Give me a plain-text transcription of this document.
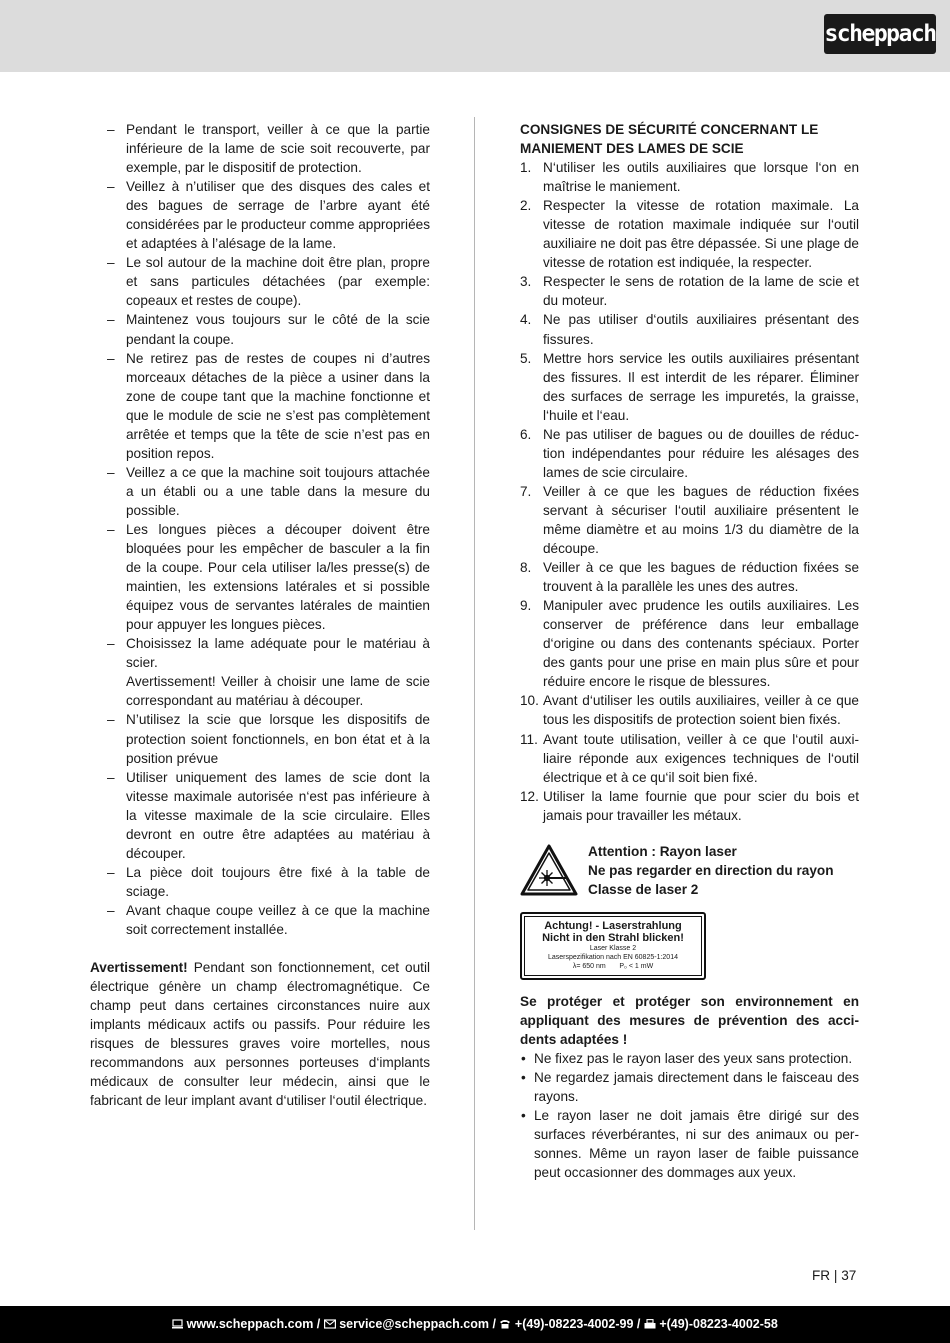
scheppach
– Pendant le transport, veiller à ce que la partie inférieure de la lame de scie soit recouverte, par exemple, par le dispositif de protection.
– Veillez à n’utiliser que des disques des cales et des bagues de serrage de l’arbre ayant été considérées par le producteur comme appropriées et adaptées à l’alésage de la lame.
– Le sol autour de la machine doit être plan, propre et sans particules détachées (par exemple: copeaux et restes de coupe).
– Maintenez vous toujours sur le côté de la scie pendant la coupe.
– Ne retirez pas de restes de coupes ni d’autres morceaux détaches de la pièce a usiner dans la zone de coupe tant que la machine fonctionne et que le module de scie ne s’est pas complètement arrêtée et temps que la tête de scie n’est pas en position repos.
– Veillez a ce que la machine soit toujours attachée a un établi ou a une table dans la mesure du possible.
– Les longues pièces a découper doivent être bloquées pour les empêcher de basculer a la fin de la coupe. Pour cela utiliser la/les presse(s) de maintien, les extensions latérales et si possible équipez vous de servantes latérales de maintien pour appuyer les longues pièces.
– Choisissez la lame adéquate pour le matériau à scier.
Avertissement! Veiller à choisir une lame de scie correspondant au matériau à découper.
– N’utilisez la scie que lorsque les dispositifs de protection soient fonctionnels, en bon état et à la position prévue
– Utiliser uniquement des lames de scie dont la vitesse maximale autorisée n‘est pas inférieure à la vitesse maximale de la scie circulaire. Elles devront en outre être adaptées au matériau à découper.
– La pièce doit toujours être fixé à la table de sciage.
– Avant chaque coupe veillez à ce que la machine soit correctement installée.

Avertissement! Pendant son fonctionnement, cet outil électrique génère un champ électromagnétique. Ce champ peut dans certaines circonstances nuire aux implants médicaux actifs ou passifs. Pour réduire les risques de blessures graves voire mortelles, nous recommandons aux personnes porteuses d‘implants médicaux de consulter leur médecin, ainsi que le fabricant de leur implant avant d‘utiliser l‘outil électrique.

CONSIGNES DE SÉCURITÉ CONCERNANT LE MANIEMENT DES LAMES DE SCIE
1. N‘utiliser les outils auxiliaires que lorsque l‘on en maîtrise le maniement.
2. Respecter la vitesse de rotation maximale. La vitesse de rotation maximale indiquée sur l‘outil auxiliaire ne doit pas être dépassée. Si une plage de vitesse de rotation est indiquée, la respecter.
3. Respecter le sens de rotation de la lame de scie et du moteur.
4. Ne pas utiliser d‘outils auxiliaires présentant des fissures.
5. Mettre hors service les outils auxiliaires présentant des fissures. Il est interdit de les réparer. Éliminer des surfaces de serrage les impuretés, la graisse, l‘huile et l‘eau.
6. Ne pas utiliser de bagues ou de douilles de réduction indépendantes pour réduire les alésages des lames de scie circulaire.
7. Veiller à ce que les bagues de réduction fixées servant à sécuriser l‘outil auxiliaire présentent le même diamètre et au moins 1/3 du diamètre de la découpe.
8. Veiller à ce que les bagues de réduction fixées se trouvent à la parallèle les unes des autres.
9. Manipuler avec prudence les outils auxiliaires. Les conserver de préférence dans leur emballage d‘origine ou dans des contenants spéciaux. Porter des gants pour une prise en main plus sûre et pour réduire encore le risque de blessures.
10. Avant d‘utiliser les outils auxiliaires, veiller à ce que tous les dispositifs de protection soient bien fixés.
11. Avant toute utilisation, veiller à ce que l‘outil auxiliaire réponde aux exigences techniques de l‘outil électrique et à ce qu‘il soit bien fixé.
12. Utiliser la lame fournie que pour scier du bois et jamais pour travailler les métaux.
Attention : Rayon laser
Ne pas regarder en direction du rayon
Classe de laser 2
Achtung! - Laserstrahlung
Nicht in den Strahl blicken!
Laser Klasse 2
Laserspezifikation nach EN 60825-1:2014
λ= 650 nm P₀ < 1 mW
Se protéger et protéger son environnement en appliquant des mesures de prévention des accidents adaptées !
• Ne fixez pas le rayon laser des yeux sans protection.
• Ne regardez jamais directement dans le faisceau des rayons.
• Le rayon laser ne doit jamais être dirigé sur des surfaces réverbérantes, ni sur des animaux ou personnes. Même un rayon laser de faible puissance peut occasionner des dommages aux yeux.
FR | 37
www.scheppach.com /  service@scheppach.com /  +(49)-08223-4002-99 /  +(49)-08223-4002-58
